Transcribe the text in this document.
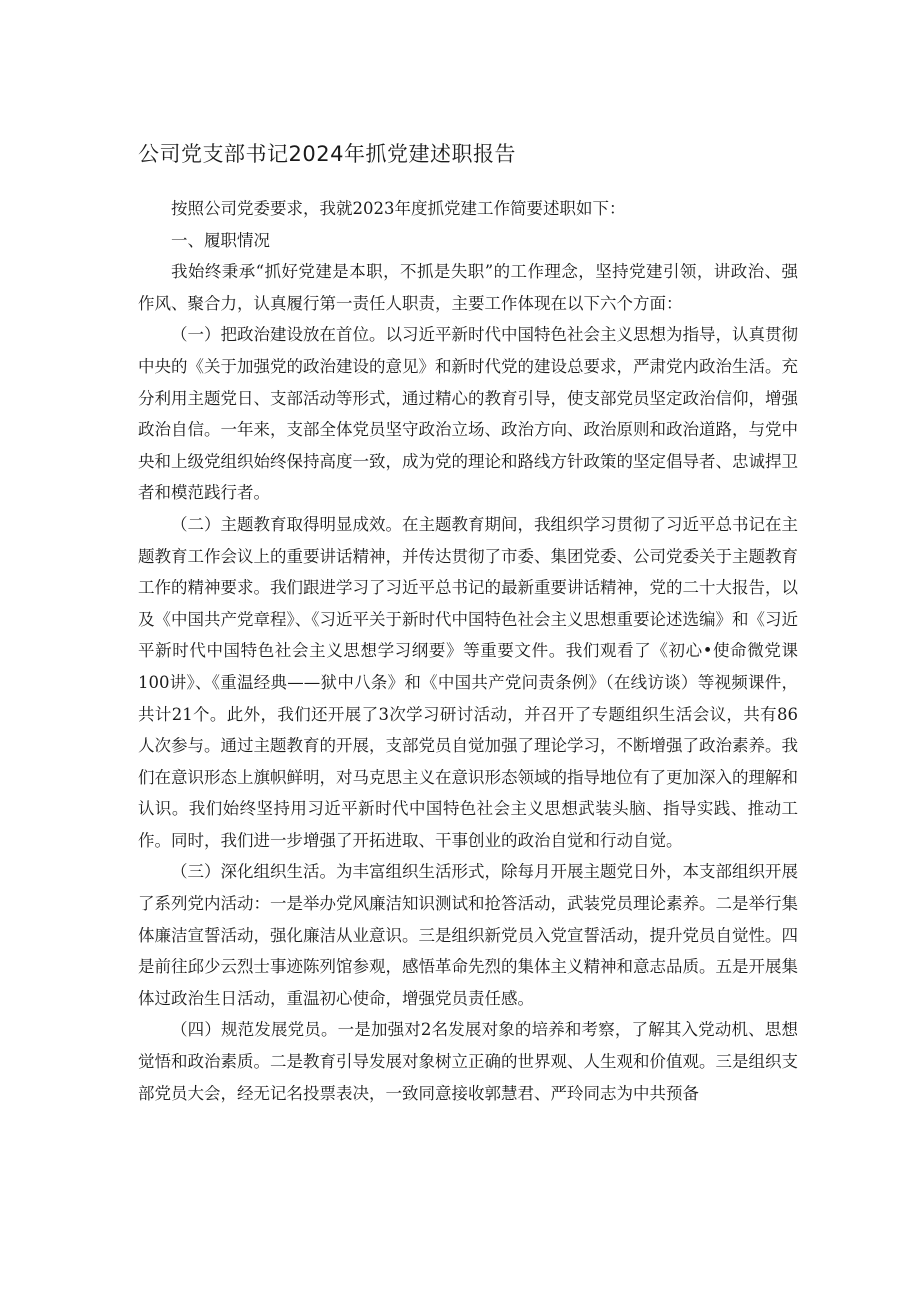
公司党支部书记2024年抓党建述职报告

按照公司党委要求，我就2023年度抓党建工作简要述职如下：

一、履职情况

我始终秉承“抓好党建是本职，不抓是失职”的工作理念，坚持党建引领，讲政治、强作风、聚合力，认真履行第一责任人职责，主要工作体现在以下六个方面：

（一）把政治建设放在首位。以习近平新时代中国特色社会主义思想为指导，认真贯彻中央的《关于加强党的政治建设的意见》和新时代党的建设总要求，严肃党内政治生活。充分利用主题党日、支部活动等形式，通过精心的教育引导，使支部党员坚定政治信仰，增强政治自信。一年来，支部全体党员坚守政治立场、政治方向、政治原则和政治道路，与党中央和上级党组织始终保持高度一致，成为党的理论和路线方针政策的坚定倡导者、忠诚捍卫者和模范践行者。

（二）主题教育取得明显成效。在主题教育期间，我组织学习贯彻了习近平总书记在主题教育工作会议上的重要讲话精神，并传达贯彻了市委、集团党委、公司党委关于主题教育工作的精神要求。我们跟进学习了习近平总书记的最新重要讲话精神，党的二十大报告，以及《中国共产党章程》、《习近平关于新时代中国特色社会主义思想重要论述选编》和《习近平新时代中国特色社会主义思想学习纲要》等重要文件。我们观看了《初心•使命微党课100讲》、《重温经典——狱中八条》和《中国共产党问责条例》（在线访谈）等视频课件，共计21个。此外，我们还开展了3次学习研讨活动，并召开了专题组织生活会议，共有86人次参与。通过主题教育的开展，支部党员自觉加强了理论学习，不断增强了政治素养。我们在意识形态上旗帜鲜明，对马克思主义在意识形态领域的指导地位有了更加深入的理解和认识。我们始终坚持用习近平新时代中国特色社会主义思想武装头脑、指导实践、推动工作。同时，我们进一步增强了开拓进取、干事创业的政治自觉和行动自觉。

（三）深化组织生活。为丰富组织生活形式，除每月开展主题党日外，本支部组织开展了系列党内活动：一是举办党风廉洁知识测试和抢答活动，武装党员理论素养。二是举行集体廉洁宣誓活动，强化廉洁从业意识。三是组织新党员入党宣誓活动，提升党员自觉性。四是前往邱少云烈士事迹陈列馆参观，感悟革命先烈的集体主义精神和意志品质。五是开展集体过政治生日活动，重温初心使命，增强党员责任感。

（四）规范发展党员。一是加强对2名发展对象的培养和考察，了解其入党动机、思想觉悟和政治素质。二是教育引导发展对象树立正确的世界观、人生观和价值观。三是组织支部党员大会，经无记名投票表决，一致同意接收郭慧君、严玲同志为中共预备
